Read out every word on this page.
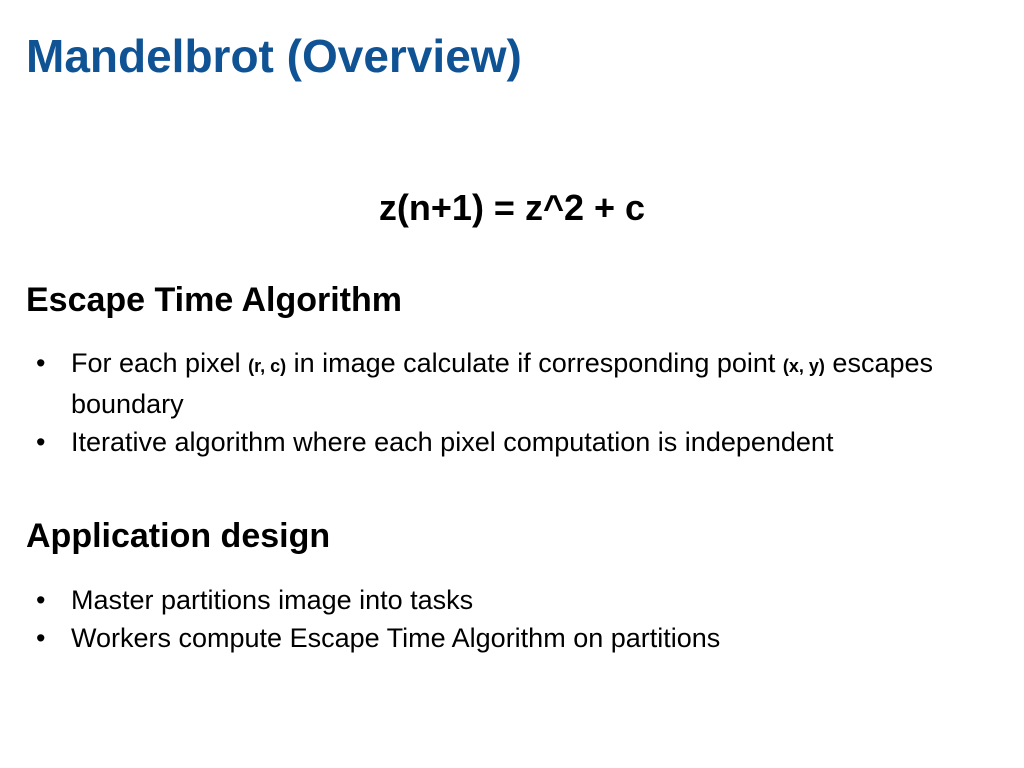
Mandelbrot (Overview)
z(n+1) = z^2 + c
Escape Time Algorithm
• For each pixel (r, c) in image calculate if corresponding point (x, y) escapes boundary
• Iterative algorithm where each pixel computation is independent
Application design
• Master partitions image into tasks
• Workers compute Escape Time Algorithm on partitions
